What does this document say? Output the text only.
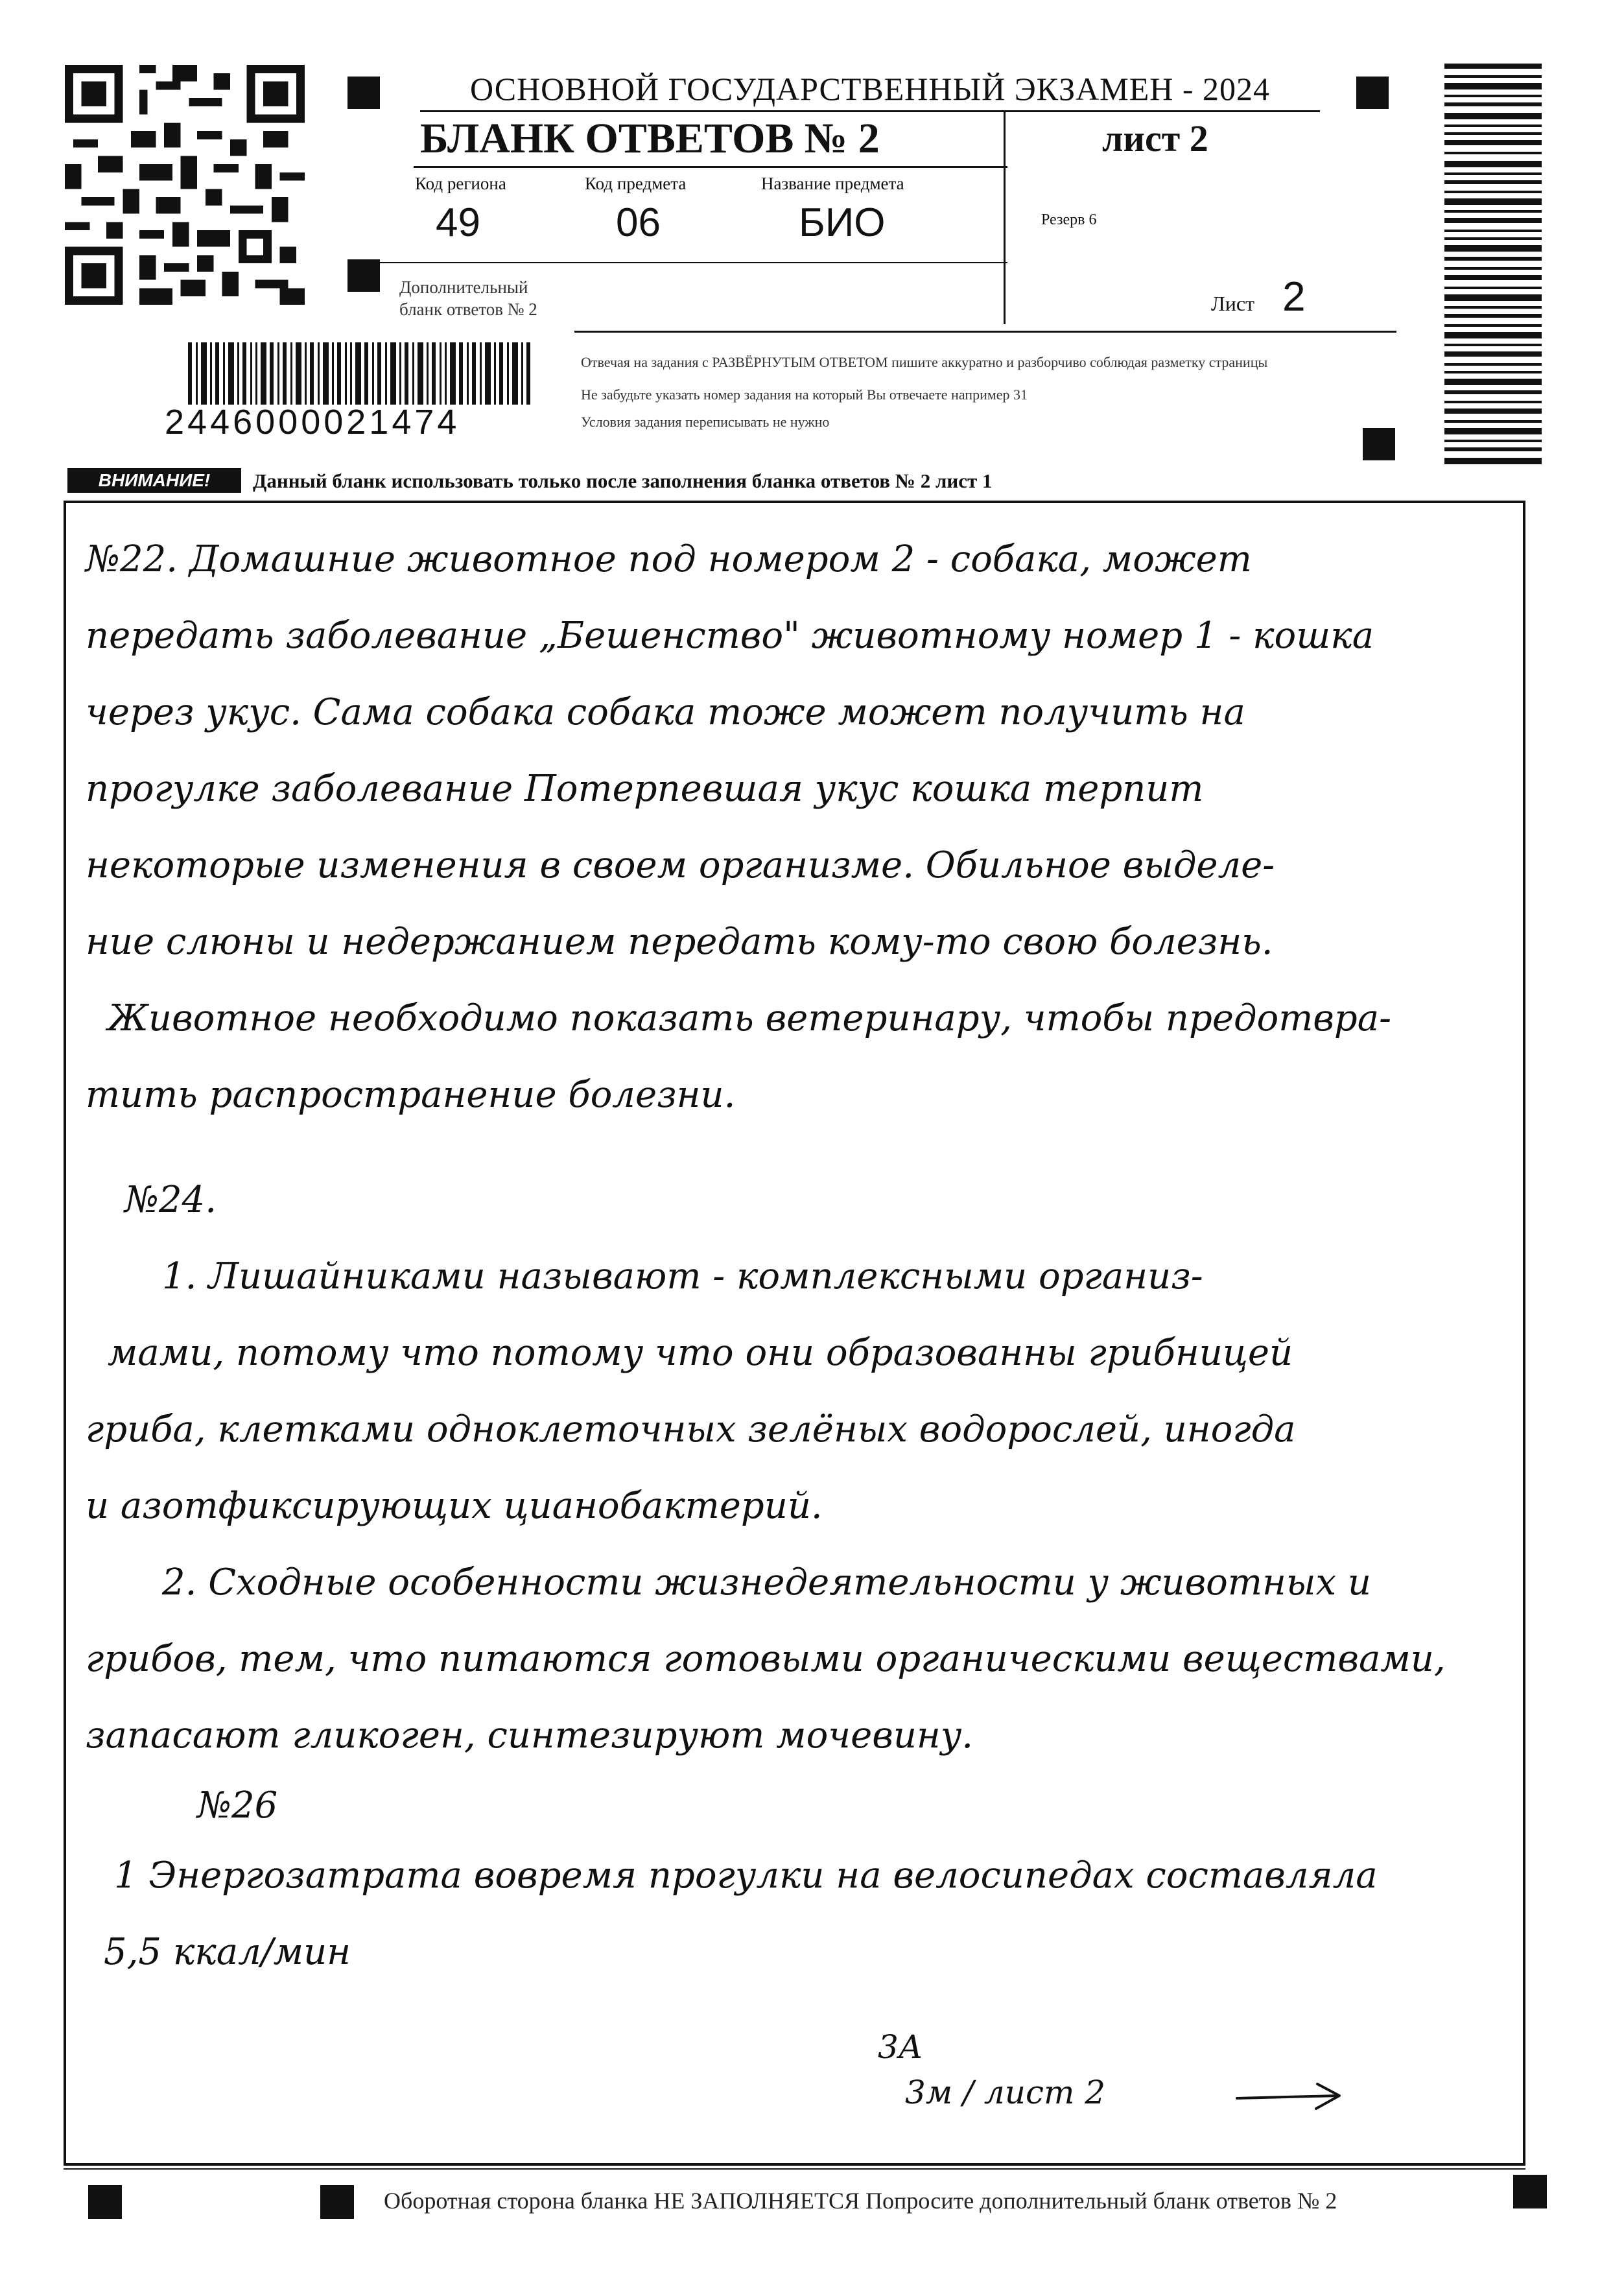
ОСНОВНОЙ ГОСУДАРСТВЕННЫЙ ЭКЗАМЕН - 2024
БЛАНК ОТВЕТОВ № 2	лист 2
Код региона
49
Код предмета
06
Название предмета
БИО	Резерв 6
Дополнительный
бланк ответов № 2	Лист 2
Отвечая на задания с РАЗВЁРНУТЫМ ОТВЕТОМ пишите аккуратно и разборчиво соблюдая разметку страницы
Не забудьте указать номер задания на который Вы отвечаете например 31
Условия задания переписывать не нужно
2446000021474
ВНИМАНИЕ!	Данный бланк использовать только после заполнения бланка ответов № 2 лист 1
№22. Домашние животное под номером 2 - собака, может
передать заболевание „Бешенство" животному номер 1 - кошка
через укус. Сама собака собака тоже может получить на
прогулке заболевание Потерпевшая укус кошка терпит
некоторые изменения в своем организме. Обильное выделе-
ние слюны и недержанием передать кому-то свою болезнь.
Животное необходимо показать ветеринару, чтобы предотвра-
тить распространение болезни.
№24.
1. Лишайниками называют - комплексными организ-
мами, потому что потому что они образованны грибницей
гриба, клетками одноклеточных зелёных водорослей, иногда
и азотфиксирующих цианобактерий.
2. Сходные особенности жизнедеятельности у животных и
грибов, тем, что питаются готовыми органическими веществами,
запасают гликоген, синтезируют мочевину.
№26
1 Энергозатрата вовремя прогулки на велосипедах составляла
5,5 ккал/мин
3А
3м / лист 2
Оборотная сторона бланка НЕ ЗАПОЛНЯЕТСЯ Попросите дополнительный бланк ответов № 2
